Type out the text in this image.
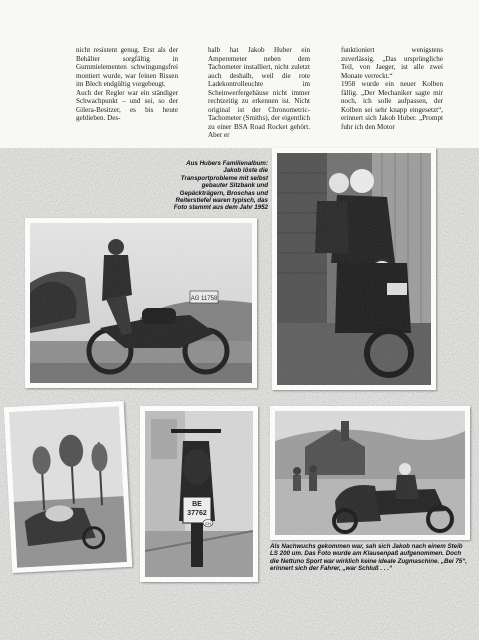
nicht resistent genug. Erst als der Behälter sorgfältig in Gummielementen schwingungsfrei montiert wurde, war feinen Rissen im Blech endgültig vorgebeugt.
Auch der Regler war ein ständiger Schwachpunkt – und sei, so der Gilera-Besitzer, es bis heute geblieben. Des-
halb hat Jakob Huber ein Amperemeter neben dem Tachometer installiert, nicht zuletzt auch deshalb, weil die rote Ladekontrolleuchte im Scheinwerfergehäuse nicht immer rechtzeitig zu erkennen ist. Nicht original ist der Chronometric-Tachometer (Smiths), der eigentlich zu einer BSA Road Rocket gehört. Aber er
funktioniert wenigstens zuverlässig. „Das ursprüngliche Teil, von Jaeger, ist alle zwei Monate verreckt.“
1958 wurde ein neuer Kolben fällig. „Der Mechaniker sagte mir noch, ich solle aufpassen, der Kolben sei sehr knapp eingesetzt“, erinnert sich Jakob Huber. „Prompt fuhr ich den Motor
Aus Hubers Familienalbum: Jakob löste die Transportprobleme mit selbst gebauter Sitzbank und Gepäckträgern, Broschas und Reiterstiefel waren typisch, das Foto stammt aus dem Jahr 1952
Als Nachwuchs gekommen war, sah sich Jakob nach einem Steib LS 200 um. Das Foto wurde am Klausenpaß aufgenommen. Doch die Nettuno Sport war wirklich keine ideale Zugmaschine. „Bei 75“, erinnert sich der Fahrer, „war Schluß . . .“
